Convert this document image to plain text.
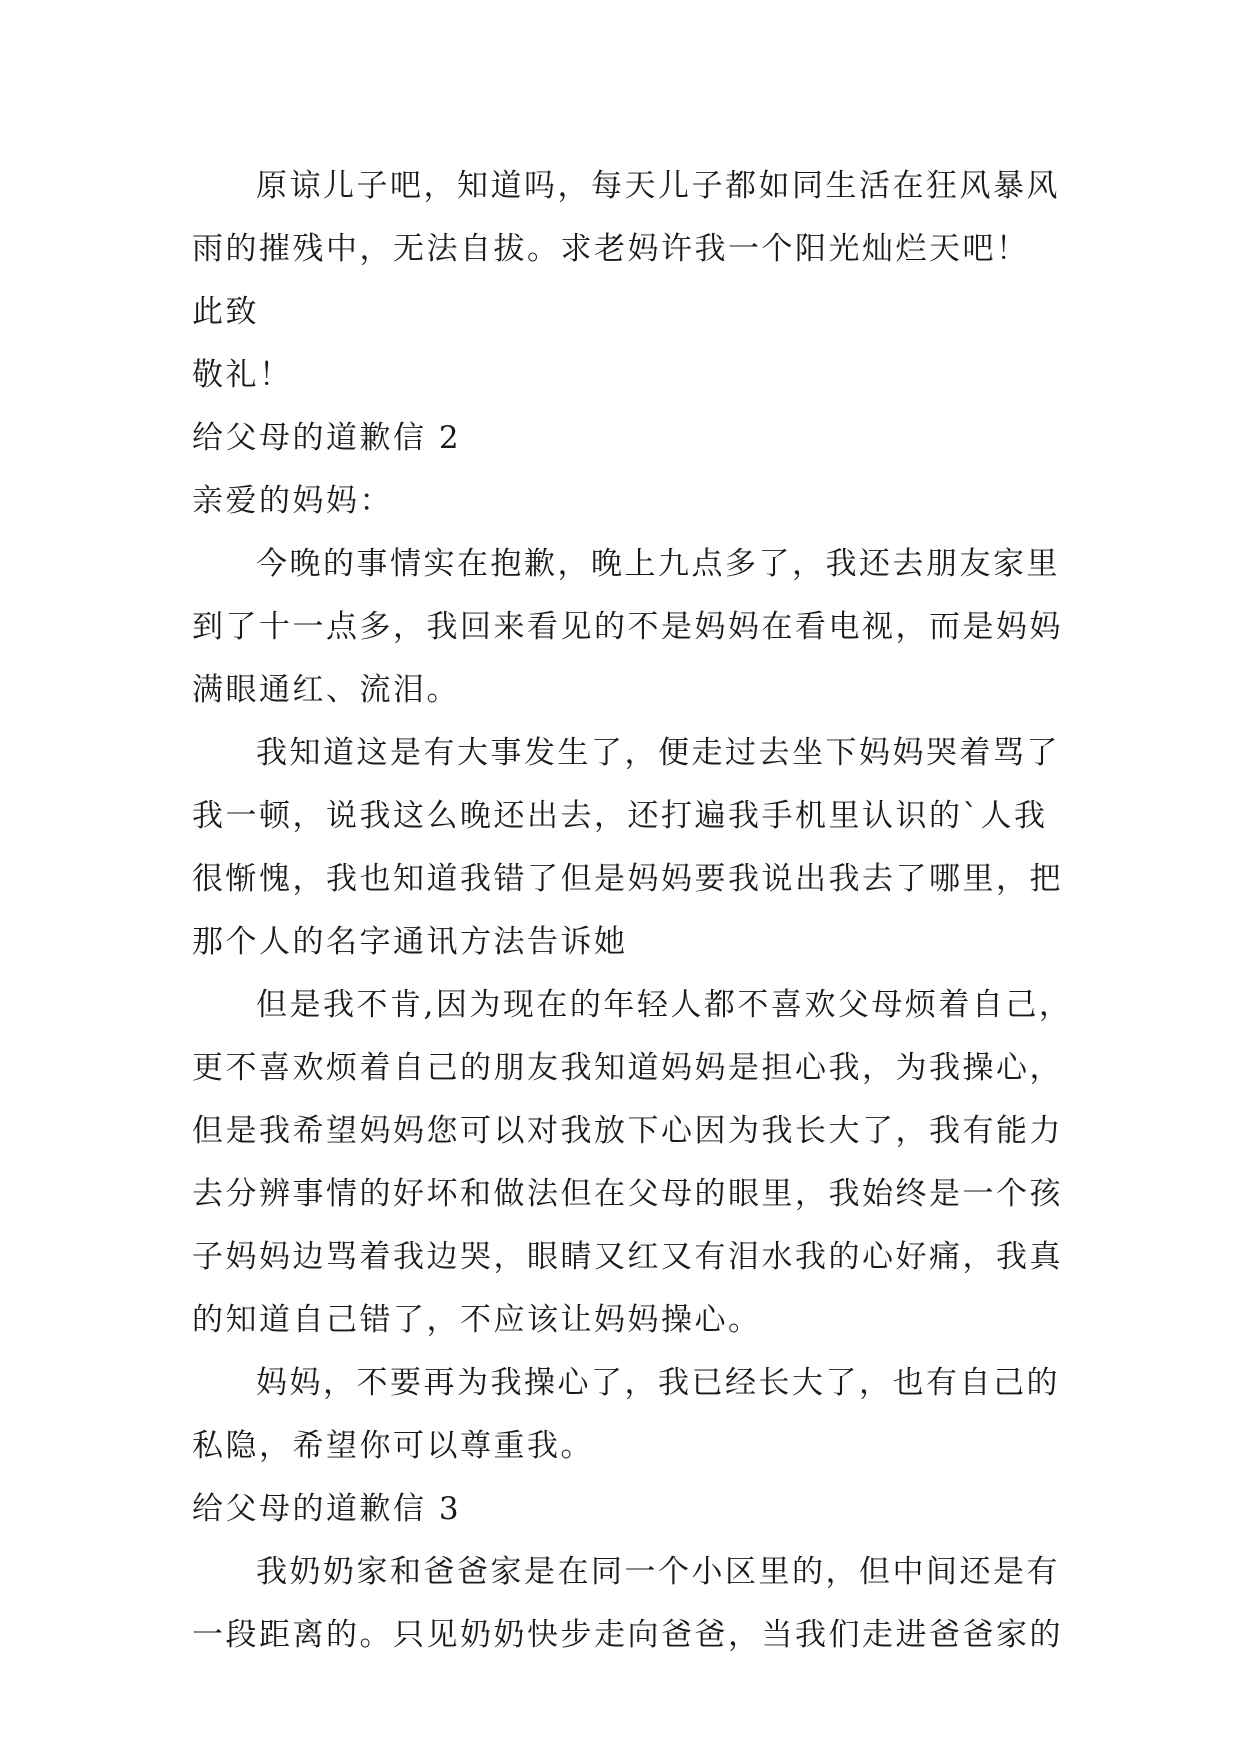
原谅儿子吧，知道吗，每天儿子都如同生活在狂风暴风
雨的摧残中，无法自拔。求老妈许我一个阳光灿烂天吧！
此致
敬礼！
给父母的道歉信 2
亲爱的妈妈：
今晚的事情实在抱歉，晚上九点多了，我还去朋友家里
到了十一点多，我回来看见的不是妈妈在看电视，而是妈妈
满眼通红、流泪。
我知道这是有大事发生了，便走过去坐下妈妈哭着骂了
我一顿，说我这么晚还出去，还打遍我手机里认识的`人我
很惭愧，我也知道我错了但是妈妈要我说出我去了哪里，把
那个人的名字通讯方法告诉她
但是我不肯,因为现在的年轻人都不喜欢父母烦着自己，
更不喜欢烦着自己的朋友我知道妈妈是担心我，为我操心，
但是我希望妈妈您可以对我放下心因为我长大了，我有能力
去分辨事情的好坏和做法但在父母的眼里，我始终是一个孩
子妈妈边骂着我边哭，眼睛又红又有泪水我的心好痛，我真
的知道自己错了，不应该让妈妈操心。
妈妈，不要再为我操心了，我已经长大了，也有自己的
私隐，希望你可以尊重我。
给父母的道歉信 3
我奶奶家和爸爸家是在同一个小区里的，但中间还是有
一段距离的。只见奶奶快步走向爸爸，当我们走进爸爸家的
